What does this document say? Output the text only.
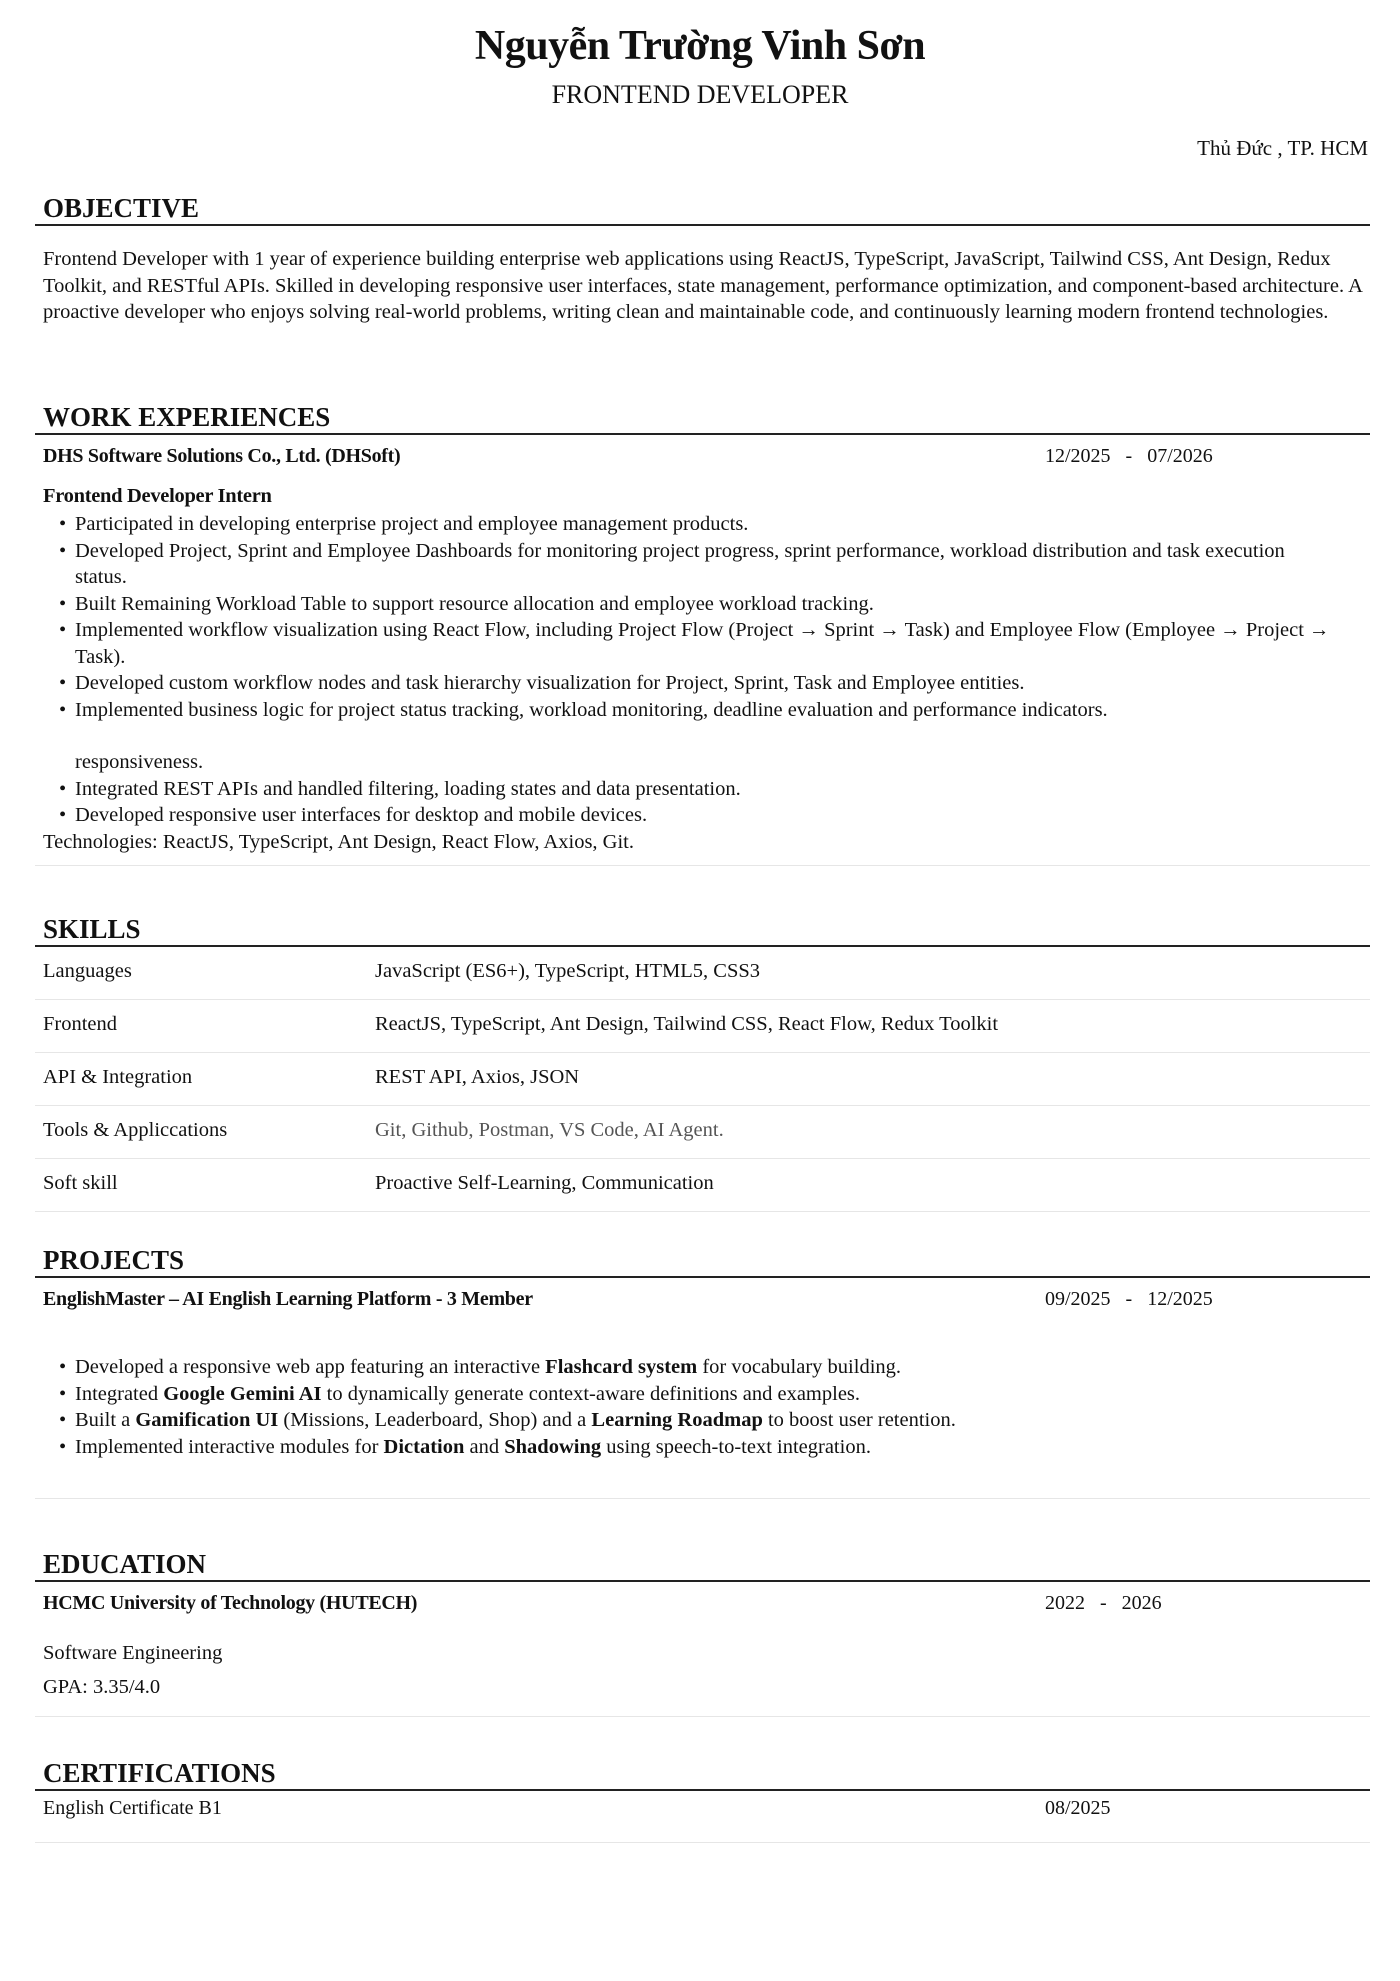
Nguyễn Trường Vinh Sơn
FRONTEND DEVELOPER
Thủ Đức , TP. HCM
OBJECTIVE
Frontend Developer with 1 year of experience building enterprise web applications using ReactJS, TypeScript, JavaScript, Tailwind CSS, Ant Design, Redux Toolkit, and RESTful APIs. Skilled in developing responsive user interfaces, state management, performance optimization, and component-based architecture. A proactive developer who enjoys solving real-world problems, writing clean and maintainable code, and continuously learning modern frontend technologies.
WORK EXPERIENCES
DHS Software Solutions Co., Ltd. (DHSoft)	12/2025   -   07/2026
Frontend Developer Intern
• Participated in developing enterprise project and employee management products.
• Developed Project, Sprint and Employee Dashboards for monitoring project progress, sprint performance, workload distribution and task execution status.
• Built Remaining Workload Table to support resource allocation and employee workload tracking.
• Implemented workflow visualization using React Flow, including Project Flow (Project → Sprint → Task) and Employee Flow (Employee → Project → Task).
• Developed custom workflow nodes and task hierarchy visualization for Project, Sprint, Task and Employee entities.
• Implemented business logic for project status tracking, workload monitoring, deadline evaluation and performance indicators.
responsiveness.
• Integrated REST APIs and handled filtering, loading states and data presentation.
• Developed responsive user interfaces for desktop and mobile devices.
Technologies: ReactJS, TypeScript, Ant Design, React Flow, Axios, Git.
SKILLS
Languages	JavaScript (ES6+), TypeScript, HTML5, CSS3
Frontend	ReactJS, TypeScript, Ant Design, Tailwind CSS, React Flow, Redux Toolkit
API & Integration	REST API, Axios, JSON
Tools & Appliccations	Git, Github, Postman, VS Code, AI Agent.
Soft skill	Proactive Self-Learning, Communication
PROJECTS
EnglishMaster – AI English Learning Platform - 3 Member	09/2025   -   12/2025
• Developed a responsive web app featuring an interactive Flashcard system for vocabulary building.
• Integrated Google Gemini AI to dynamically generate context-aware definitions and examples.
• Built a Gamification UI (Missions, Leaderboard, Shop) and a Learning Roadmap to boost user retention.
• Implemented interactive modules for Dictation and Shadowing using speech-to-text integration.
EDUCATION
HCMC University of Technology (HUTECH)	2022   -   2026
Software Engineering
GPA: 3.35/4.0
CERTIFICATIONS
English Certificate B1	08/2025
